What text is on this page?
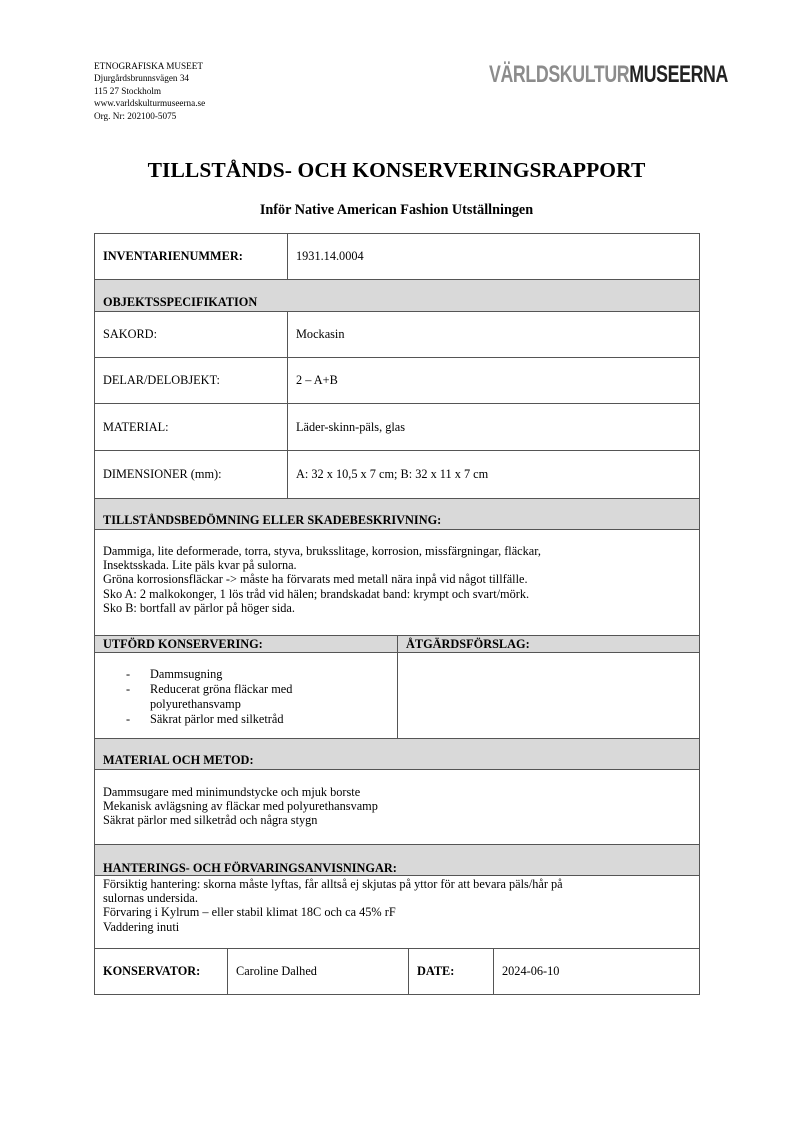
ETNOGRAFISKA MUSEET
Djurgårdsbrunnsvägen 34
115 27 Stockholm
www.varldskulturmuseerna.se
Org. Nr: 202100-5075
VÄRLDSKULTURMUSEERNA
TILLSTÅNDS- OCH KONSERVERINGSRAPPORT
Inför Native American Fashion Utställningen
INVENTARIENUMMER:	1931.14.0004
OBJEKTSSPECIFIKATION
SAKORD:	Mockasin
DELAR/DELOBJEKT:	2 – A+B
MATERIAL:	Läder-skinn-päls, glas
DIMENSIONER (mm):	A: 32 x 10,5 x 7 cm; B: 32 x 11 x 7 cm
TILLSTÅNDSBEDÖMNING ELLER SKADEBESKRIVNING:
Dammiga, lite deformerade, torra, styva, bruksslitage, korrosion, missfärgningar, fläckar,
Insektsskada. Lite päls kvar på sulorna.
Gröna korrosionsfläckar -> måste ha förvarats med metall nära inpå vid något tillfälle.
Sko A: 2 malkokonger, 1 lös tråd vid hälen; brandskadat band: krympt och svart/mörk.
Sko B: bortfall av pärlor på höger sida.
UTFÖRD KONSERVERING:	ÅTGÄRDSFÖRSLAG:
- Dammsugning
- Reducerat gröna fläckar med polyurethansvamp
- Säkrat pärlor med silketråd
MATERIAL OCH METOD:
Dammsugare med minimundstycke och mjuk borste
Mekanisk avlägsning av fläckar med polyurethansvamp
Säkrat pärlor med silketråd och några stygn
HANTERINGS- OCH FÖRVARINGSANVISNINGAR:
Försiktig hantering: skorna måste lyftas, får alltså ej skjutas på yttor för att bevara päls/hår på
sulornas undersida.
Förvaring i Kylrum – eller stabil klimat 18C och ca 45% rF
Vaddering inuti
KONSERVATOR:	Caroline Dalhed	DATE:	2024-06-10
